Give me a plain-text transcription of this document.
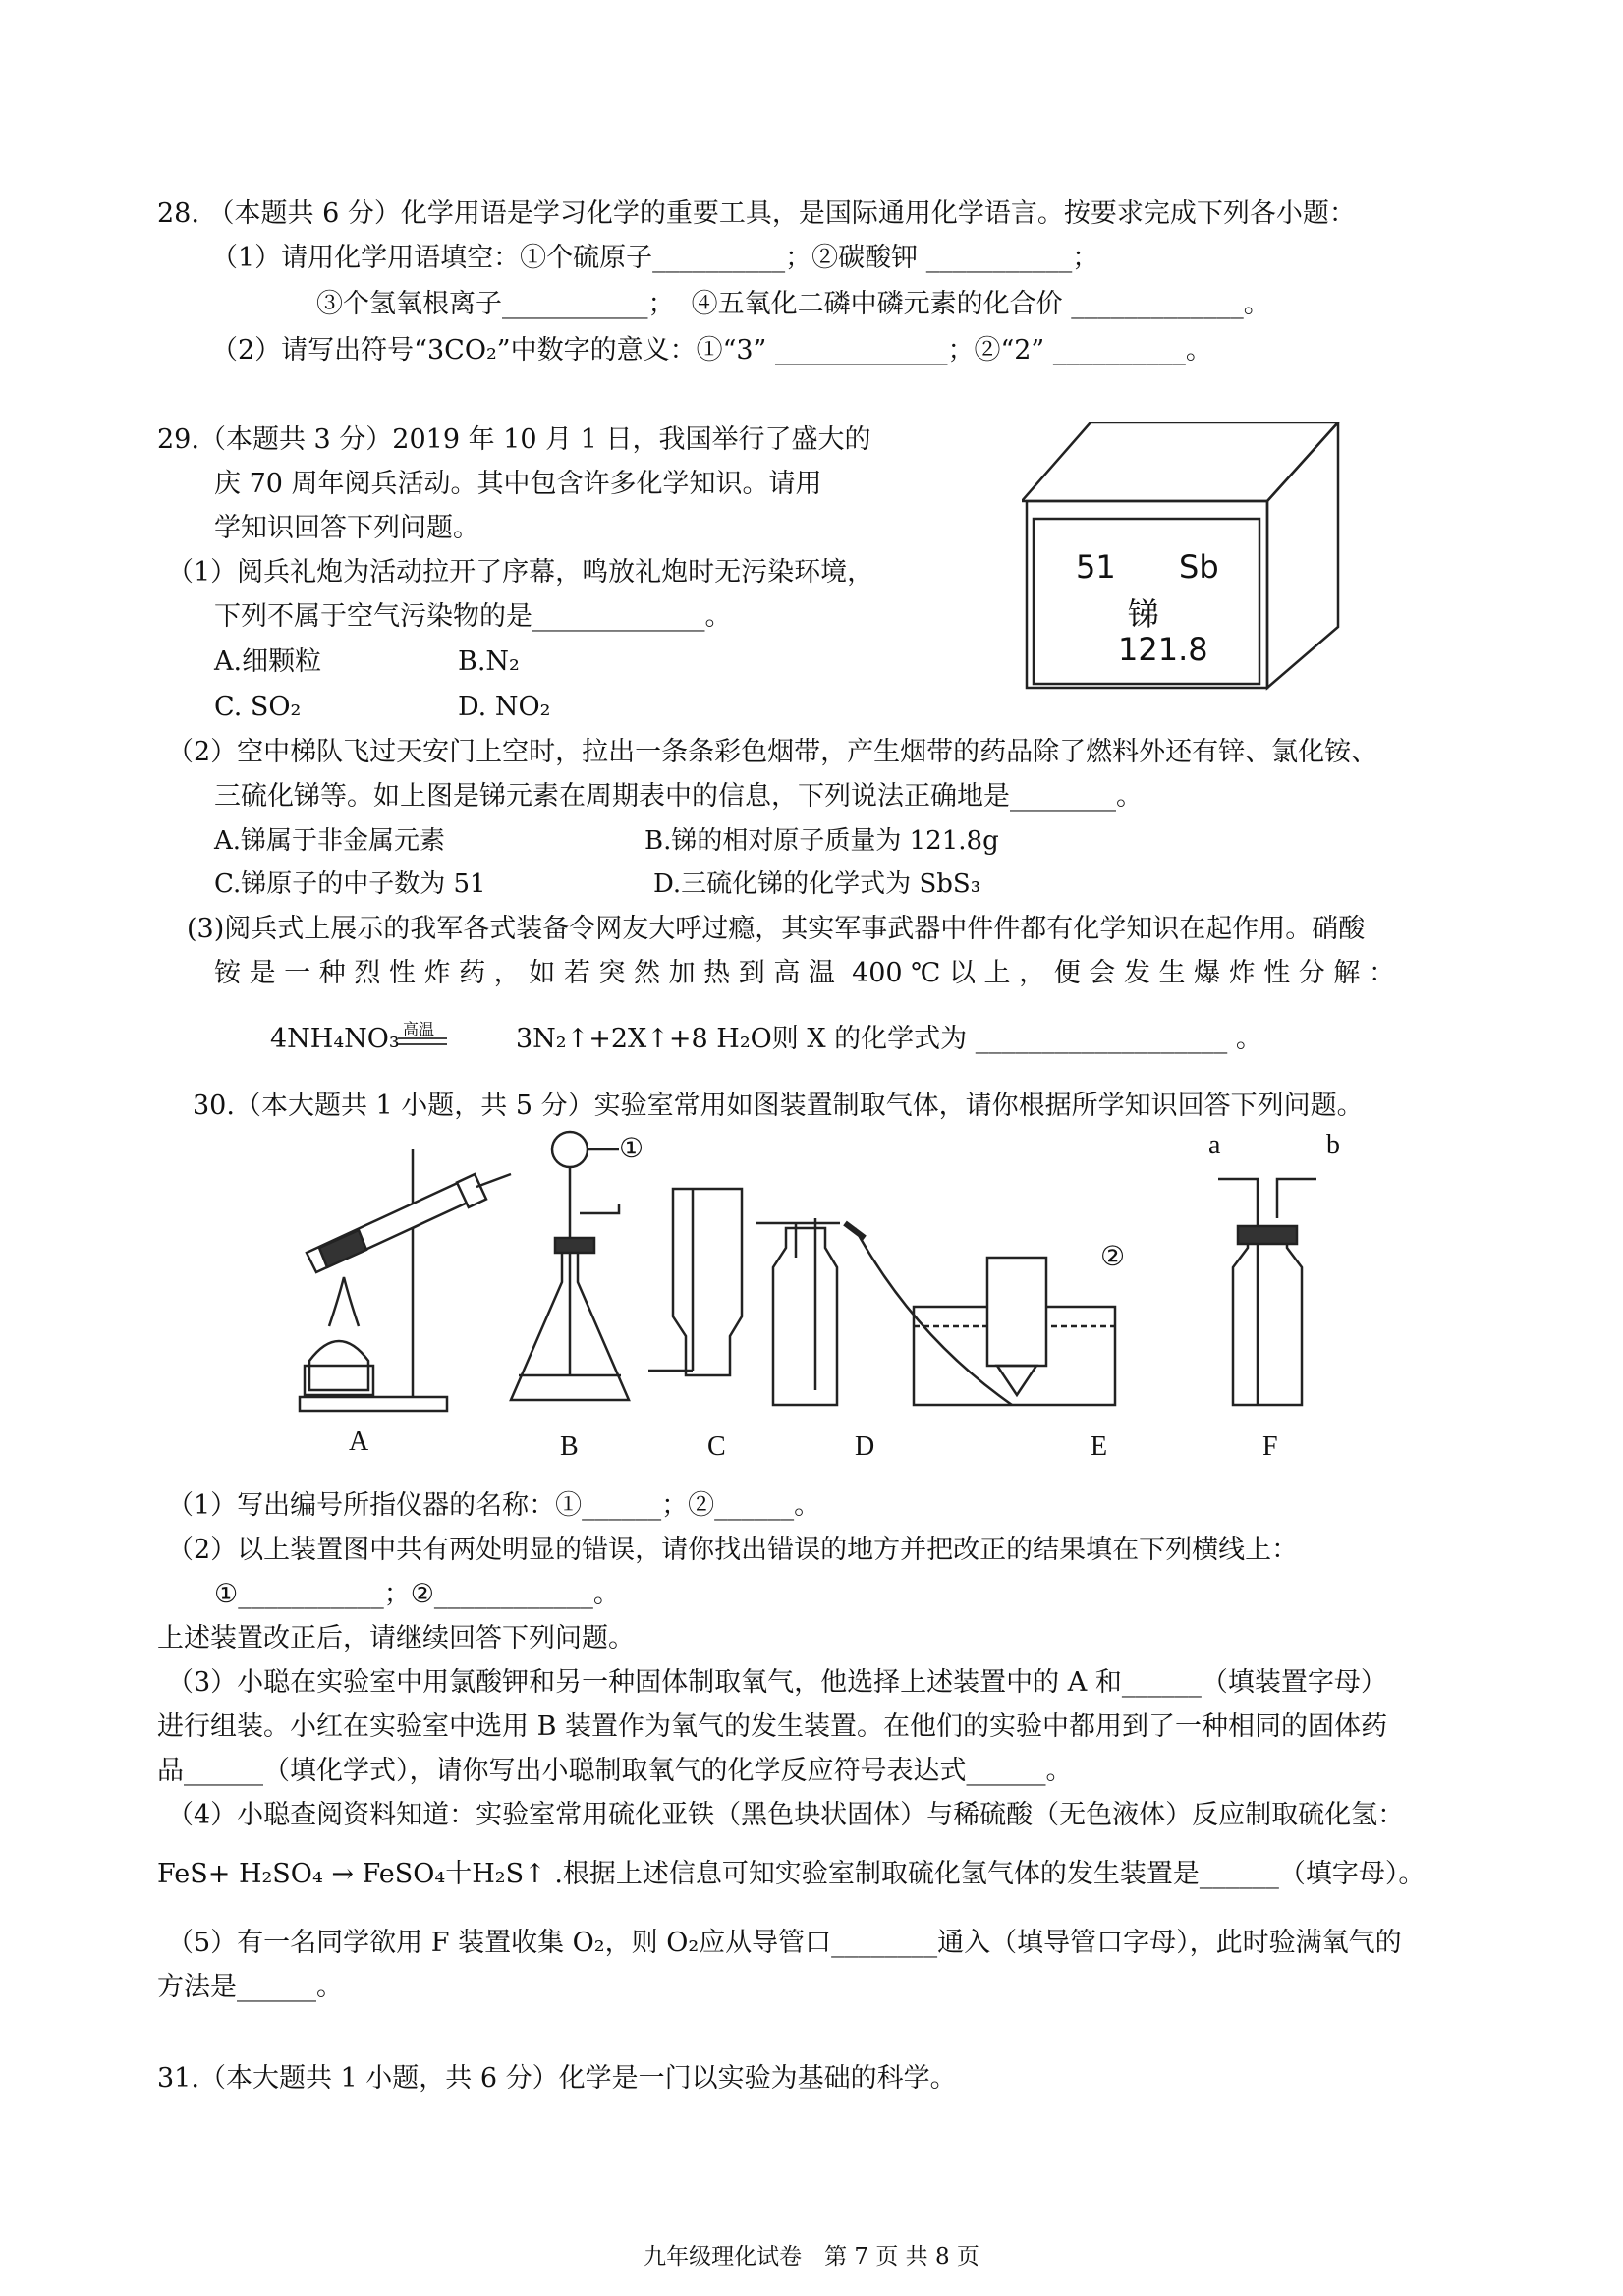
28. （本题共 6 分）化学用语是学习化学的重要工具，是国际通用化学语言。按要求完成下列各小题：
（1）请用化学用语填空：①个硫原子__________；②碳酸钾 ___________；
③个氢氧根离子___________；  ④五氧化二磷中磷元素的化合价 _____________。
（2）请写出符号“3CO₂”中数字的意义：①“3” _____________；②“2” __________。
29.（本题共 3 分）2019 年 10 月 1 日，我国举行了盛大的
庆 70 周年阅兵活动。其中包含许多化学知识。请用
学知识回答下列问题。
（1）阅兵礼炮为活动拉开了序幕，鸣放礼炮时无污染环境，
下列不属于空气污染物的是_____________。
A.细颗粒	B.N₂
C. SO₂	D. NO₂
51 Sb
锑
121.8
（2）空中梯队飞过天安门上空时，拉出一条条彩色烟带，产生烟带的药品除了燃料外还有锌、氯化铵、
三硫化锑等。如上图是锑元素在周期表中的信息，下列说法正确地是________。
A.锑属于非金属元素	B.锑的相对原子质量为 121.8g
C.锑原子的中子数为 51	D.三硫化锑的化学式为 SbS₃
(3)阅兵式上展示的我军各式装备令网友大呼过瘾，其实军事武器中件件都有化学知识在起作用。硝酸
铵 是 一 种 烈 性 炸 药 ， 如 若 突 然 加 热 到 高 温  400 ℃ 以 上 ， 便 会 发 生 爆 炸 性 分 解 ：
4NH₄NO₃ 高温	3N₂↑+2X↑+8 H₂O则 X 的化学式为 ___________________ 。
30.（本大题共 1 小题，共 5 分）实验室常用如图装置制取气体，请你根据所学知识回答下列问题。
①
②
a	b
A	B	C	D	E	F
（1）写出编号所指仪器的名称：①______；②______。
（2）以上装置图中共有两处明显的错误，请你找出错误的地方并把改正的结果填在下列横线上：
①___________；②____________。
上述装置改正后，请继续回答下列问题。
（3）小聪在实验室中用氯酸钾和另一种固体制取氧气，他选择上述装置中的 A 和______（填装置字母）
进行组装。小红在实验室中选用 B 装置作为氧气的发生装置。在他们的实验中都用到了一种相同的固体药
品______（填化学式），请你写出小聪制取氧气的化学反应符号表达式______。
（4）小聪查阅资料知道：实验室常用硫化亚铁（黑色块状固体）与稀硫酸（无色液体）反应制取硫化氢：
FeS+ H₂SO₄ → FeSO₄十H₂S↑ .根据上述信息可知实验室制取硫化氢气体的发生装置是______（填字母）。
（5）有一名同学欲用 F 装置收集 O₂，则 O₂应从导管口________通入（填导管口字母），此时验满氧气的
方法是______。
31.（本大题共 1 小题，共 6 分）化学是一门以实验为基础的科学。
九年级理化试卷　第 7 页 共 8 页
